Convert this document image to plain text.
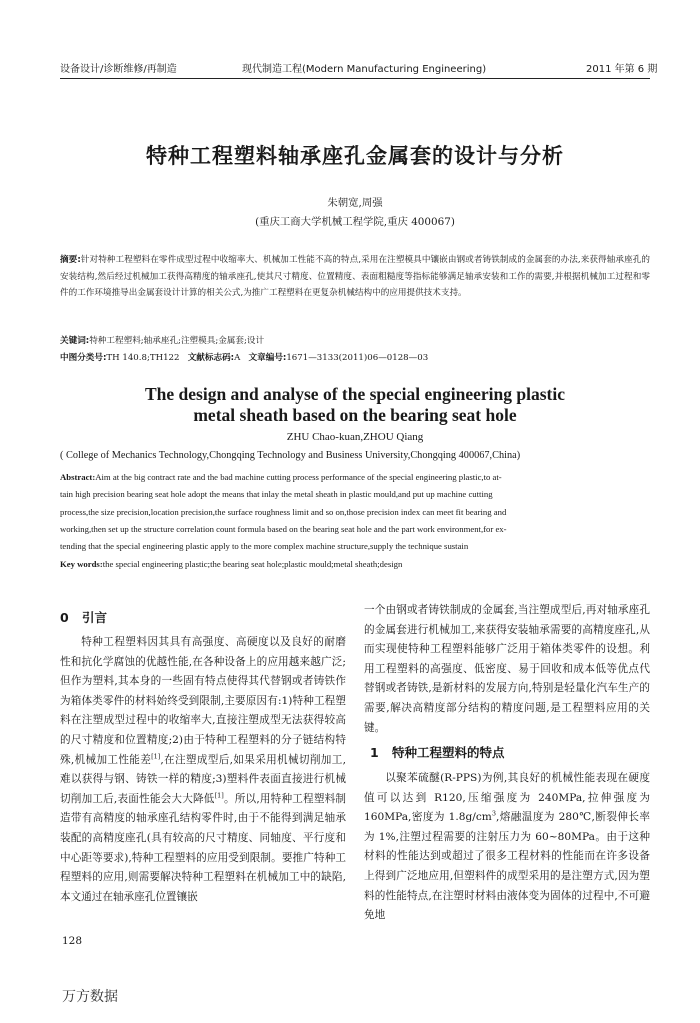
设备设计/诊断维修/再制造	现代制造工程(Modern Manufacturing Engineering)	2011 年第 6 期
特种工程塑料轴承座孔金属套的设计与分析
朱朝宽,周强
(重庆工商大学机械工程学院,重庆 400067)
摘要:针对特种工程塑料在零件成型过程中收缩率大、机械加工性能不高的特点,采用在注塑模具中镶嵌由钢或者铸铁制成的金属套的办法,来获得轴承座孔的安装结构,然后经过机械加工获得高精度的轴承座孔,使其尺寸精度、位置精度、表面粗糙度等指标能够满足轴承安装和工作的需要,并根据机械加工过程和零件的工作环境推导出金属套设计计算的相关公式,为推广工程塑料在更复杂机械结构中的应用提供技术支持。
关键词:特种工程塑料;轴承座孔;注塑模具;金属套;设计
中图分类号:TH 140.8;TH122 文献标志码:A 文章编号:1671—3133(2011)06—0128—03
The design and analyse of the special engineering plastic
metal sheath based on the bearing seat hole
ZHU Chao-kuan,ZHOU Qiang
( College of Mechanics Technology,Chongqing Technology and Business University,Chongqing 400067,China)
Abstract:Aim at the big contract rate and the bad machine cutting process performance of the special engineering plastic,to at-
tain high precision bearing seat hole adopt the means that inlay the metal sheath in plastic mould,and put up machine cutting
process,the size precision,location precision,the surface roughness limit and so on,those precision index can meet fit bearing and
working,then set up the structure correlation count formula based on the bearing seat hole and the part work environment,for ex-
tending that the special engineering plastic apply to the more complex machine structure,supply the technique sustain
Key words:the special engineering plastic;the bearing seat hole;plastic mould;metal sheath;design
0 引言

特种工程塑料因其具有高强度、高硬度以及良好的耐磨性和抗化学腐蚀的优越性能,在各种设备上的应用越来越广泛;但作为塑料,其本身的一些固有特点使得其代替钢或者铸铁作为箱体类零件的材料始终受到限制,主要原因有:1)特种工程塑料在注塑成型过程中的收缩率大,直接注塑成型无法获得较高的尺寸精度和位置精度;2)由于特种工程塑料的分子链结构特殊,机械加工性能差[1],在注塑成型后,如果采用机械切削加工,难以获得与钢、铸铁一样的精度;3)塑料件表面直接进行机械切削加工后,表面性能会大大降低[1]。所以,用特种工程塑料制造带有高精度的轴承座孔结构零件时,由于不能得到满足轴承装配的高精度座孔(具有较高的尺寸精度、同轴度、平行度和中心距等要求),特种工程塑料的应用受到限制。要推广特种工程塑料的应用,则需要解决特种工程塑料在机械加工中的缺陷,本文通过在轴承座孔位置镶嵌

一个由钢或者铸铁制成的金属套,当注塑成型后,再对轴承座孔的金属套进行机械加工,来获得安装轴承需要的高精度座孔,从而实现使特种工程塑料能够广泛用于箱体类零件的设想。利用工程塑料的高强度、低密度、易于回收和成本低等优点代替钢或者铸铁,是新材料的发展方向,特别是轻量化汽车生产的需要,解决高精度部分结构的精度问题,是工程塑料应用的关键。

1 特种工程塑料的特点

以聚苯硫醚(R-PPS)为例,其良好的机械性能表现在硬度值可以达到 R120,压缩强度为 240MPa,拉伸强度为 160MPa,密度为 $1.8g/cm^3$,熔融温度为 280℃,断裂伸长率为 1%,注塑过程需要的注射压力为 60~80MPa。由于这种材料的性能达到或超过了很多工程材料的性能而在许多设备上得到广泛地应用,但塑料件的成型采用的是注塑方式,因为塑料的性能特点,在注塑时材料由液体变为固体的过程中,不可避免地

128
万方数据
